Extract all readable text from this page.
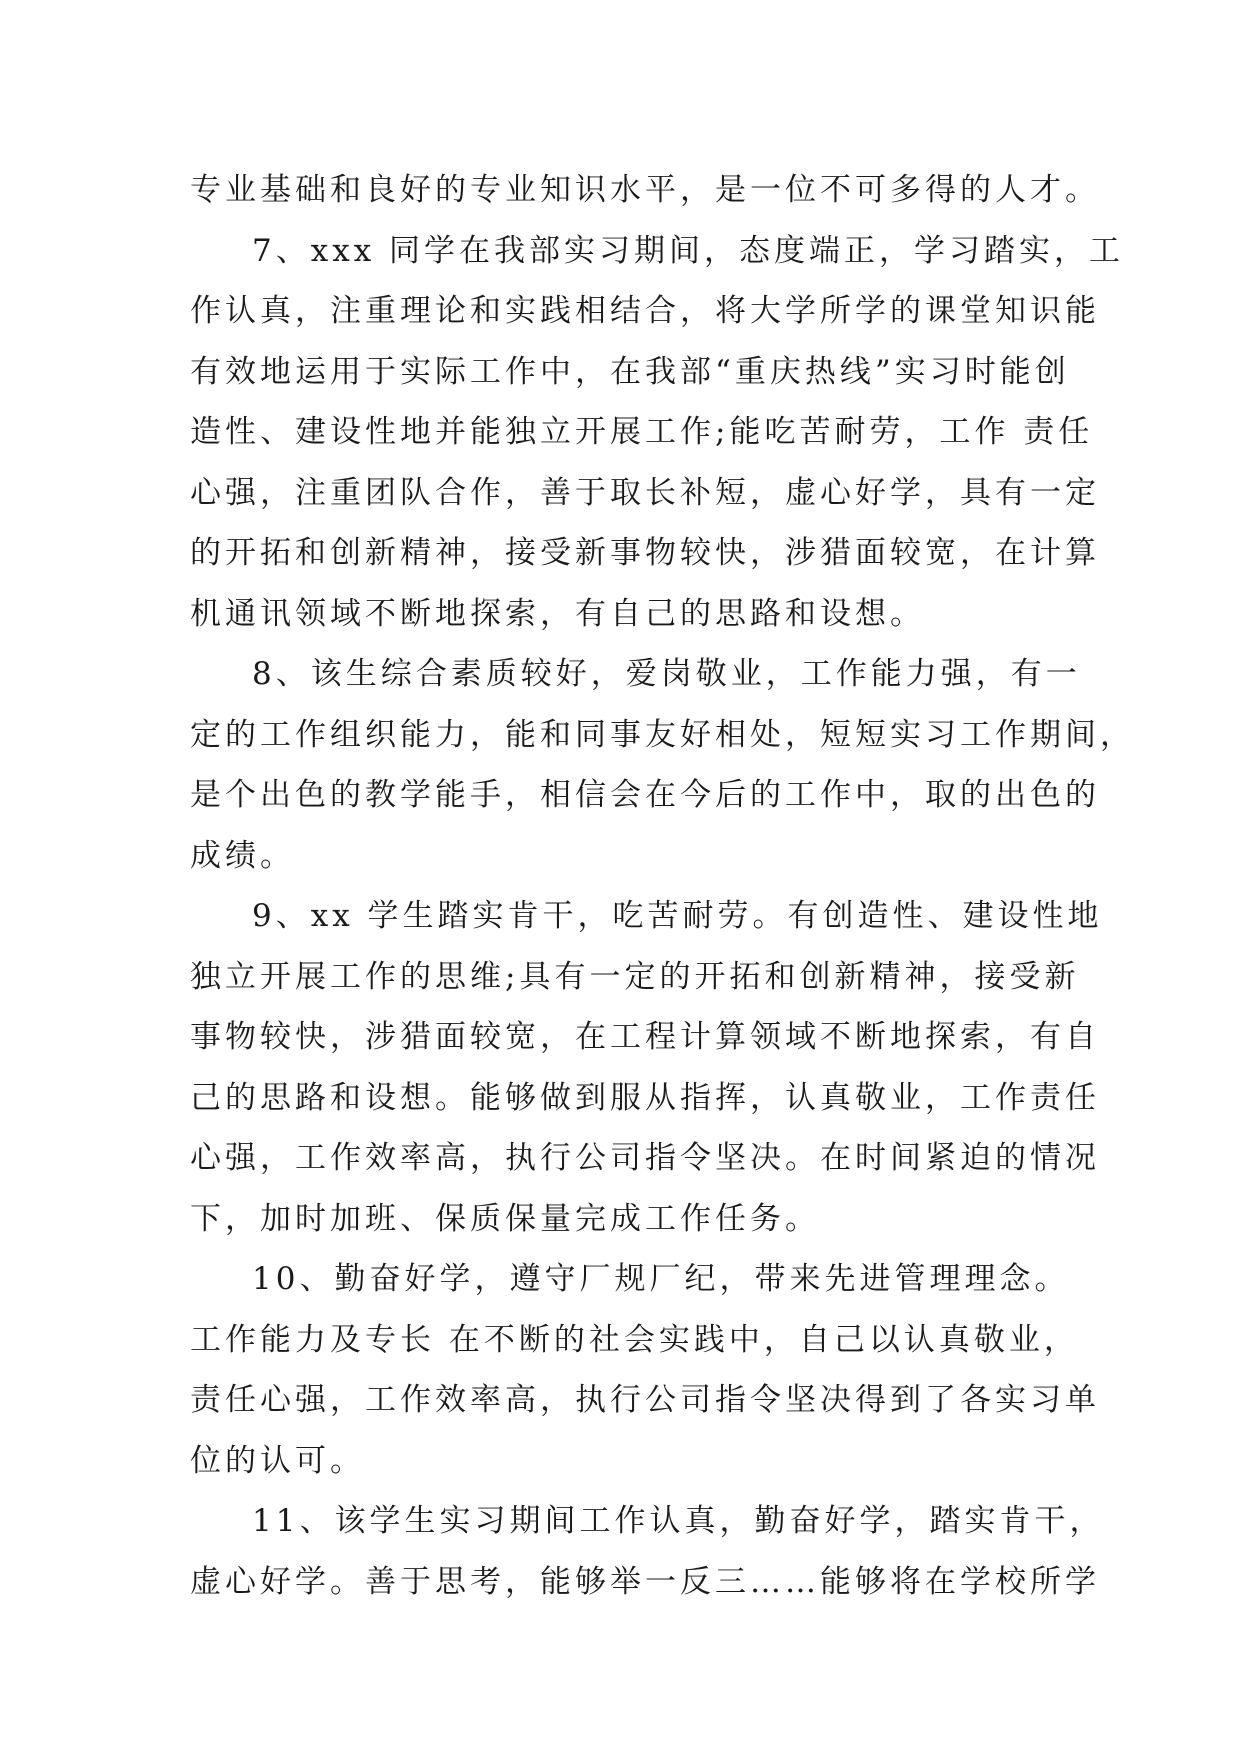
专业基础和良好的专业知识水平，是一位不可多得的人才。

7、xxx 同学在我部实习期间，态度端正，学习踏实，工
作认真，注重理论和实践相结合，将大学所学的课堂知识能
有效地运用于实际工作中，在我部“重庆热线”实习时能创
造性、建设性地并能独立开展工作;能吃苦耐劳，工作 责任
心强，注重团队合作，善于取长补短，虚心好学，具有一定
的开拓和创新精神，接受新事物较快，涉猎面较宽，在计算
机通讯领域不断地探索，有自己的思路和设想。

8、该生综合素质较好，爱岗敬业，工作能力强，有一
定的工作组织能力，能和同事友好相处，短短实习工作期间，
是个出色的教学能手，相信会在今后的工作中，取的出色的
成绩。

9、xx 学生踏实肯干，吃苦耐劳。有创造性、建设性地
独立开展工作的思维;具有一定的开拓和创新精神，接受新
事物较快，涉猎面较宽，在工程计算领域不断地探索，有自
己的思路和设想。能够做到服从指挥，认真敬业，工作责任
心强，工作效率高，执行公司指令坚决。在时间紧迫的情况
下，加时加班、保质保量完成工作任务。

10、勤奋好学，遵守厂规厂纪，带来先进管理理念。
工作能力及专长 在不断的社会实践中，自己以认真敬业，
责任心强，工作效率高，执行公司指令坚决得到了各实习单
位的认可。

11、该学生实习期间工作认真，勤奋好学，踏实肯干，
虚心好学。善于思考，能够举一反三……能够将在学校所学
